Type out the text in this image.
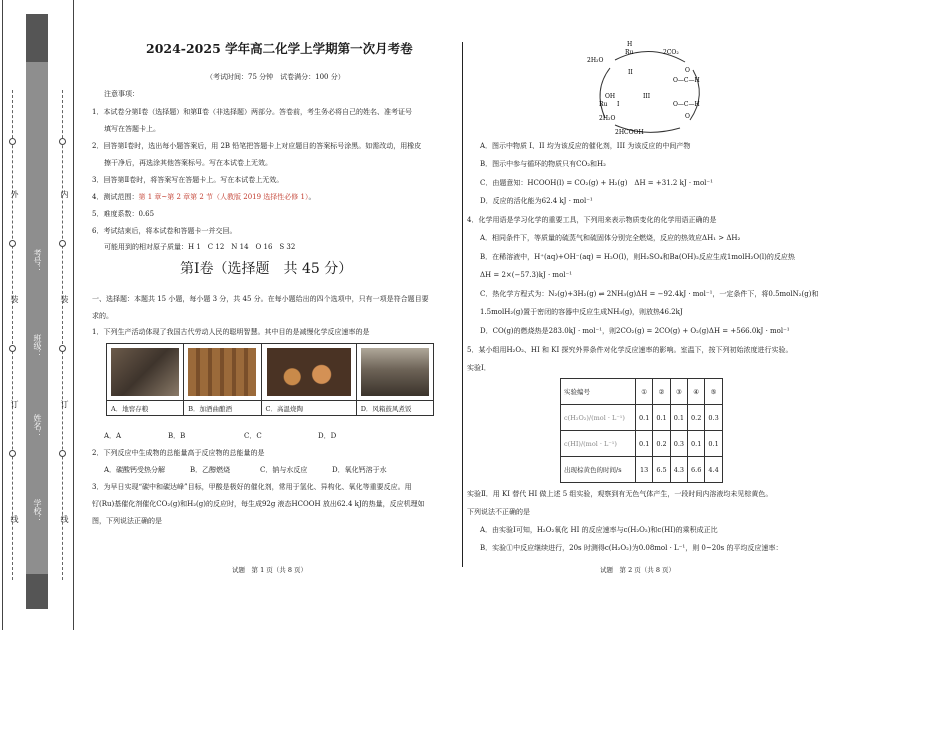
外
装
订
线
内
装
订
线
考号：
班级：
姓名：
学校：
2024-2025 学年高二化学上学期第一次月考卷
（考试时间：75 分钟　试卷满分：100 分）
注意事项：
1．本试卷分第Ⅰ卷（选择题）和第Ⅱ卷（非选择题）两部分。答卷前，考生务必将自己的姓名、准考证号
填写在答题卡上。
2．回答第Ⅰ卷时，选出每小题答案后，用 2B 铅笔把答题卡上对应题目的答案标号涂黑。如需改动，用橡皮
擦干净后，再选涂其他答案标号。写在本试卷上无效。
3．回答第Ⅱ卷时，将答案写在答题卡上。写在本试卷上无效。
4．测试范围：第 1 章~第 2 章第 2 节（人教版 2019 选择性必修 1）。
5．难度系数：0.65
6．考试结束后，将本试卷和答题卡一并交回。
可能用到的相对原子质量：H 1　C 12　N 14　O 16　S 32
第Ⅰ卷（选择题　共 45 分）
一、选择题：本题共 15 小题，每小题 3 分，共 45 分。在每小题给出的四个选项中，只有一项是符合题目要
求的。
1．下列生产活动体现了我国古代劳动人民的聪明智慧。其中目的是减慢化学反应速率的是

A．地窖存粮	B．加酒曲酿酒	C．高温烧陶	D．风箱鼓风煮饭
A．A	B．B	C．C	D．D
2．下列反应中生成物的总能量高于反应物的总能量的是
A．碳酸钙受热分解	B．乙醇燃烧	C．钠与水反应	D．氧化钙溶于水
3．为早日实现“碳中和碳达峰”目标，甲酸是极好的催化剂，常用于氢化、异构化、氧化等重要反应。用
钌(Ru)基催化剂催化CO₂(g)和H₂(g)的反应时，每生成92g 液态HCOOH 放出62.4 kJ的热量，反应机理如
图，下列说法正确的是
试题　第 1 页（共 8 页）
2H₂O
Ru
II
2CO₂
H
OH	III
Ru I
2H₂O
2HCOOH
O—C—H
O—C—H
O
O
A．图示中物质 I、II 均为该反应的催化剂，III 为该反应的中间产物
B．图示中参与循环的物质只有CO₂和H₂
C．由题意知：HCOOH(l) = CO₂(g) + H₂(g)　ΔH = +31.2 kJ · mol⁻¹
D．反应的活化能为62.4 kJ · mol⁻¹
4．化学用语是学习化学的重要工具，下列用来表示物质变化的化学用语正确的是
A．相同条件下，等质量的硫蒸气和硫固体分别完全燃烧，反应的热效应ΔH₁ > ΔH₂
B．在稀溶液中，H⁺(aq)+OH⁻(aq) = H₂O(l)，则H₂SO₄和Ba(OH)₂反应生成1molH₂O(l)的反应热
ΔH = 2×(−57.3)kJ · mol⁻¹
C．热化学方程式为：N₂(g)+3H₂(g) ⇌ 2NH₃(g)ΔH = −92.4kJ · mol⁻¹，一定条件下，将0.5molN₂(g)和
1.5molH₂(g)置于密闭的容器中反应生成NH₃(g)，则放热46.2kJ
D．CO(g)的燃烧热是283.0kJ · mol⁻¹，则2CO₂(g) = 2CO(g) + O₂(g)ΔH = +566.0kJ · mol⁻¹
5．某小组用H₂O₂、HI 和 KI 探究外界条件对化学反应速率的影响。室温下，按下列初始浓度进行实验。
实验Ⅰ．
实验编号	①	②	③	④	⑤
c(H₂O₂)/(mol · L⁻¹)	0.1	0.1	0.1	0.2	0.3
c(HI)/(mol · L⁻¹)	0.1	0.2	0.3	0.1	0.1
出现棕黄色的时间/s	13	6.5	4.3	6.6	4.4
实验Ⅱ．用 KI 替代 HI 做上述 5 组实验，观察到有无色气体产生，一段时间内溶液均未见棕黄色。
下列说法不正确的是
A．由实验Ⅰ可知，H₂O₂氧化 HI 的反应速率与c(H₂O₂)和c(HI)的乘积成正比
B．实验①中反应继续进行，20s 时测得c(H₂O₂)为0.08mol · L⁻¹，则 0~20s 的平均反应速率：
试题　第 2 页（共 8 页）
